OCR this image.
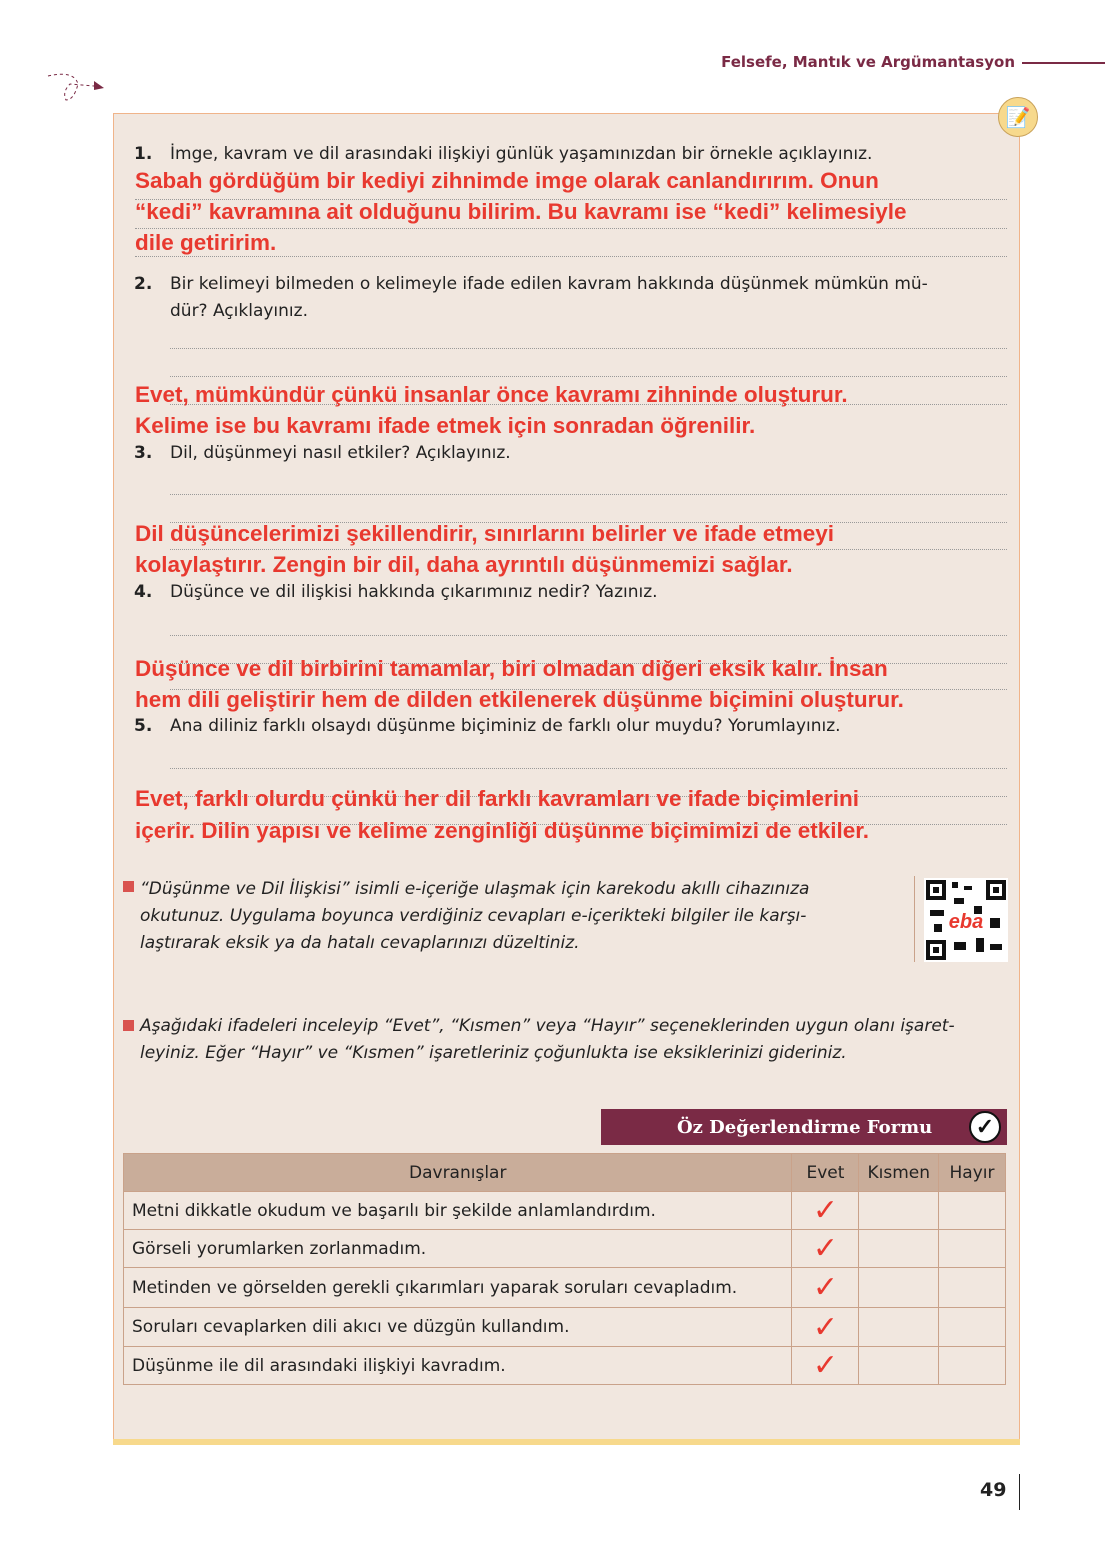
Felsefe, Mantık ve Argümantasyon
📝
1. İmge, kavram ve dil arasındaki ilişkiyi günlük yaşamınızdan bir örnekle açıklayınız.
2. Bir kelimeyi bilmeden o kelimeyle ifade edilen kavram hakkında düşünmek mümkün mü-
dür? Açıklayınız.
3. Dil, düşünmeyi nasıl etkiler? Açıklayınız.
4. Düşünce ve dil ilişkisi hakkında çıkarımınız nedir? Yazınız.
5. Ana diliniz farklı olsaydı düşünme biçiminiz de farklı olur muydu? Yorumlayınız.
Sabah gördüğüm bir kediyi zihnimde imge olarak canlandırırım. Onun
“kedi” kavramına ait olduğunu bilirim. Bu kavramı ise “kedi” kelimesiyle
dile getiririm.
Evet, mümkündür çünkü insanlar önce kavramı zihninde oluşturur.
Kelime ise bu kavramı ifade etmek için sonradan öğrenilir.
Dil düşüncelerimizi şekillendirir, sınırlarını belirler ve ifade etmeyi
kolaylaştırır. Zengin bir dil, daha ayrıntılı düşünmemizi sağlar.
Düşünce ve dil birbirini tamamlar, biri olmadan diğeri eksik kalır. İnsan
hem dili geliştirir hem de dilden etkilenerek düşünme biçimini oluşturur.
Evet, farklı olurdu çünkü her dil farklı kavramları ve ifade biçimlerini
içerir. Dilin yapısı ve kelime zenginliği düşünme biçimimizi de etkiler.
“Düşünme ve Dil İlişkisi” isimli e-içeriğe ulaşmak için karekodu akıllı cihazınıza
okutunuz. Uygulama boyunca verdiğiniz cevapları e-içerikteki bilgiler ile karşı-
laştırarak eksik ya da hatalı cevaplarınızı düzeltiniz.
eba
Aşağıdaki ifadeleri inceleyip “Evet”, “Kısmen” veya “Hayır” seçeneklerinden uygun olanı işaret-
leyiniz. Eğer “Hayır” ve “Kısmen” işaretleriniz çoğunlukta ise eksiklerinizi gideriniz.
Öz Değerlendirme Formu	✓
Davranışlar	Evet	Kısmen	Hayır
Metni dikkatle okudum ve başarılı bir şekilde anlamlandırdım.	✓		
Görseli yorumlarken zorlanmadım.	✓		
Metinden ve görselden gerekli çıkarımları yaparak soruları cevapladım.	✓		
Soruları cevaplarken dili akıcı ve düzgün kullandım.	✓		
Düşünme ile dil arasındaki ilişkiyi kavradım.	✓		
49
